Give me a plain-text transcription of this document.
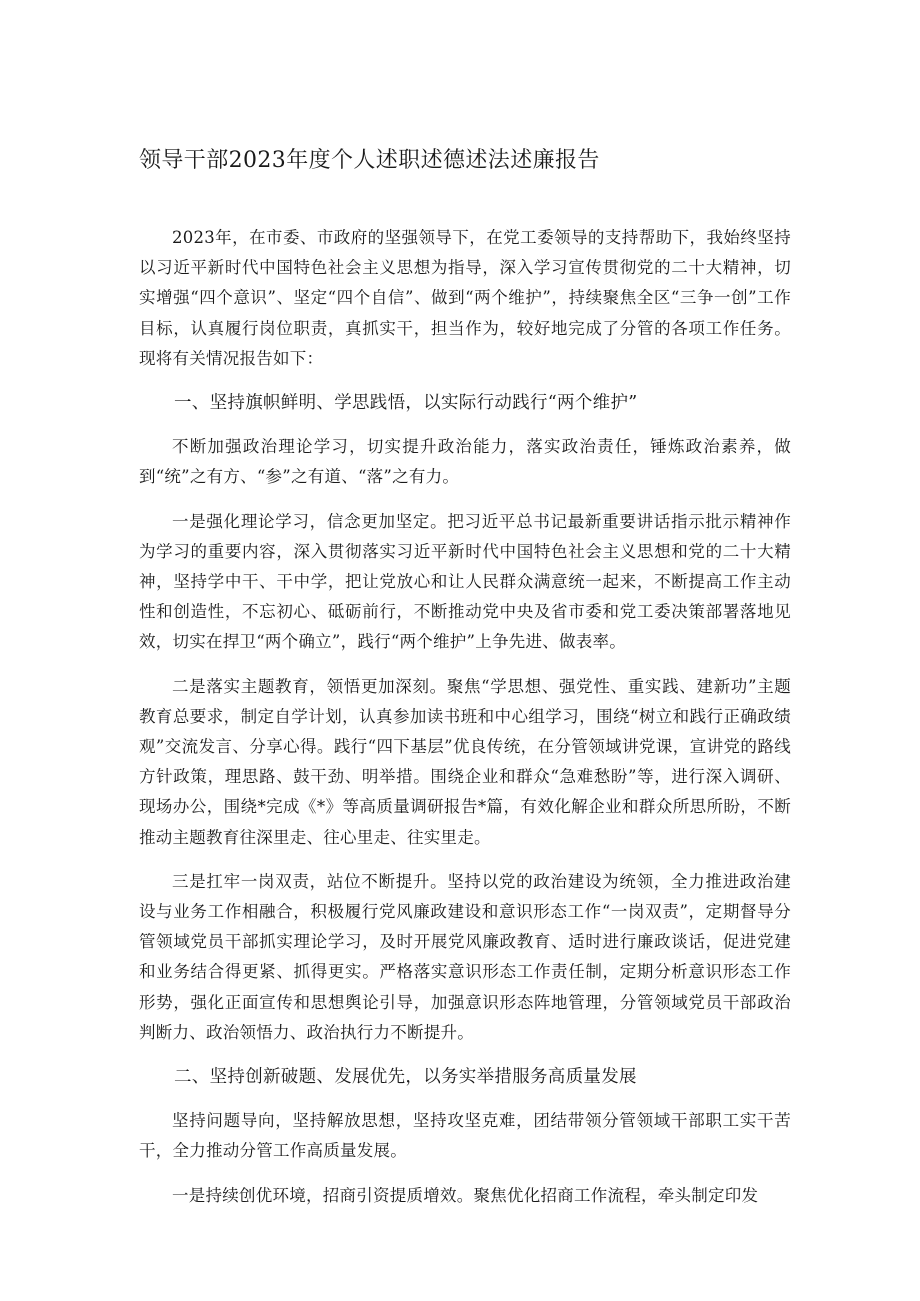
领导干部2023年度个人述职述德述法述廉报告

2023年，在市委、市政府的坚强领导下，在党工委领导的支持帮助下，我始终坚持以习近平新时代中国特色社会主义思想为指导，深入学习宣传贯彻党的二十大精神，切实增强“四个意识”、坚定“四个自信”、做到“两个维护”，持续聚焦全区“三争一创”工作目标，认真履行岗位职责，真抓实干，担当作为，较好地完成了分管的各项工作任务。现将有关情况报告如下：

一、坚持旗帜鲜明、学思践悟，以实际行动践行“两个维护”

不断加强政治理论学习，切实提升政治能力，落实政治责任，锤炼政治素养，做到“统”之有方、“参”之有道、“落”之有力。

一是强化理论学习，信念更加坚定。把习近平总书记最新重要讲话指示批示精神作为学习的重要内容，深入贯彻落实习近平新时代中国特色社会主义思想和党的二十大精神，坚持学中干、干中学，把让党放心和让人民群众满意统一起来，不断提高工作主动性和创造性，不忘初心、砥砺前行，不断推动党中央及省市委和党工委决策部署落地见效，切实在捍卫“两个确立”，践行“两个维护”上争先进、做表率。

二是落实主题教育，领悟更加深刻。聚焦“学思想、强党性、重实践、建新功”主题教育总要求，制定自学计划，认真参加读书班和中心组学习，围绕“树立和践行正确政绩观”交流发言、分享心得。践行“四下基层”优良传统，在分管领域讲党课，宣讲党的路线方针政策，理思路、鼓干劲、明举措。围绕企业和群众“急难愁盼”等，进行深入调研、现场办公，围绕*完成《*》等高质量调研报告*篇，有效化解企业和群众所思所盼，不断推动主题教育往深里走、往心里走、往实里走。

三是扛牢一岗双责，站位不断提升。坚持以党的政治建设为统领，全力推进政治建设与业务工作相融合，积极履行党风廉政建设和意识形态工作“一岗双责”，定期督导分管领域党员干部抓实理论学习，及时开展党风廉政教育、适时进行廉政谈话，促进党建和业务结合得更紧、抓得更实。严格落实意识形态工作责任制，定期分析意识形态工作形势，强化正面宣传和思想舆论引导，加强意识形态阵地管理，分管领域党员干部政治判断力、政治领悟力、政治执行力不断提升。

二、坚持创新破题、发展优先，以务实举措服务高质量发展

坚持问题导向，坚持解放思想，坚持攻坚克难，团结带领分管领域干部职工实干苦干，全力推动分管工作高质量发展。

一是持续创优环境，招商引资提质增效。聚焦优化招商工作流程，牵头制定印发
